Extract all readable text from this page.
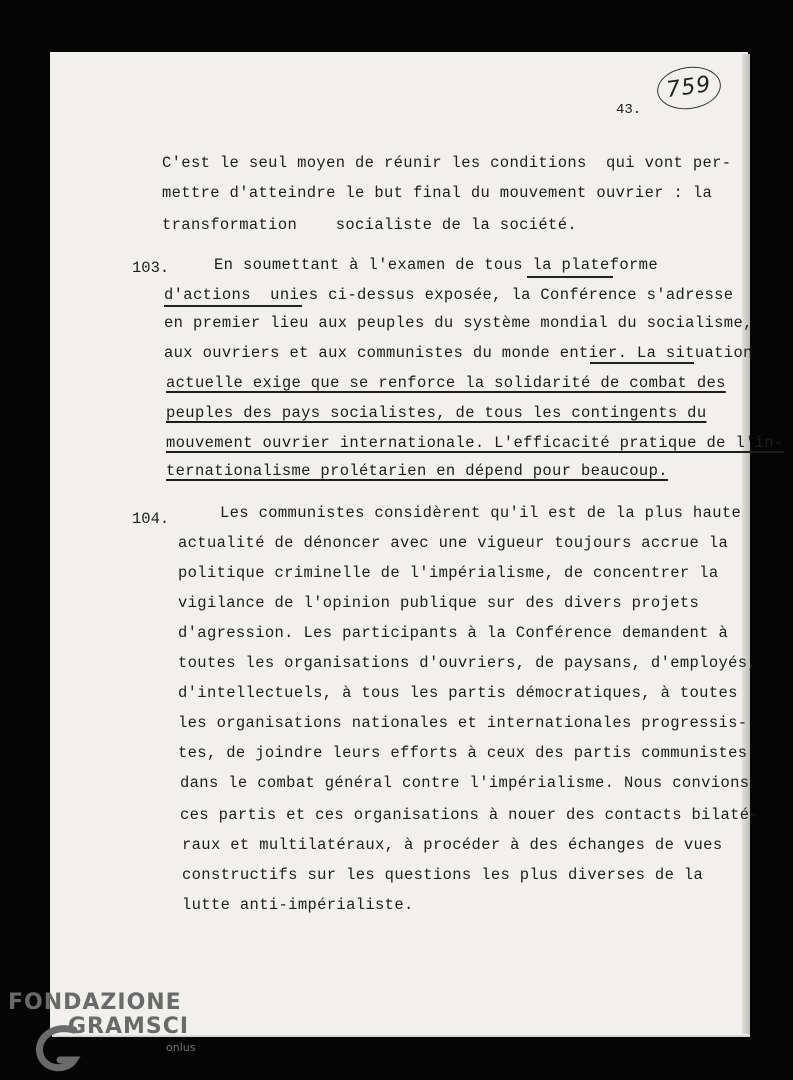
759
43.
C'est le seul moyen de réunir les conditions  qui vont per-
mettre d'atteindre le but final du mouvement ouvrier : la
transformation    socialiste de la société.
103.	En soumettant à l'examen de tous la plateforme
d'actions  unies ci-dessus exposée, la Conférence s'adresse
en premier lieu aux peuples du système mondial du socialisme,
aux ouvriers et aux communistes du monde entier. La situation
actuelle exige que se renforce la solidarité de combat des
peuples des pays socialistes, de tous les contingents du
mouvement ouvrier internationale. L'efficacité pratique de l'in-
ternationalisme prolétarien en dépend pour beaucoup.
104.	Les communistes considèrent qu'il est de la plus haute
actualité de dénoncer avec une vigueur toujours accrue la
politique criminelle de l'impérialisme, de concentrer la
vigilance de l'opinion publique sur des divers projets
d'agression. Les participants à la Conférence demandent à
toutes les organisations d'ouvriers, de paysans, d'employés,
d'intellectuels, à tous les partis démocratiques, à toutes
les organisations nationales et internationales progressis-
tes, de joindre leurs efforts à ceux des partis communistes
dans le combat général contre l'impérialisme. Nous convions
ces partis et ces organisations à nouer des contacts bilaté-
raux et multilatéraux, à procéder à des échanges de vues
constructifs sur les questions les plus diverses de la
lutte anti-impérialiste.
FONDAZIONE
GRAMSCI
onlus
